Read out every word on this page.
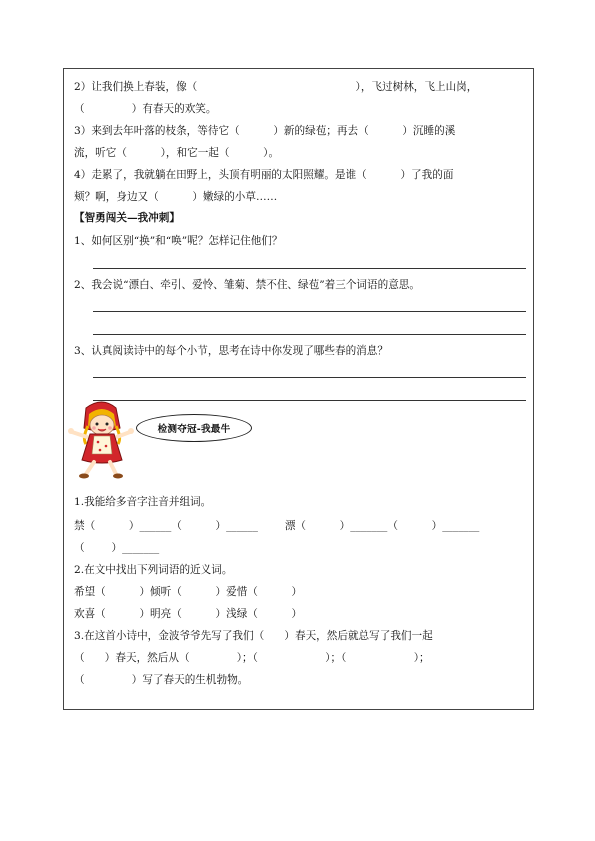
2）让我们换上春装，像（                                               ），飞过树林，飞上山岗，
（              ）有春天的欢笑。
3）来到去年叶落的枝条，等待它（          ）新的绿苞；再去（          ）沉睡的溪
流，听它（          ），和它一起（          ）。
4）走累了，我就躺在田野上，头顶有明丽的太阳照耀。是谁（          ）了我的面
颊？啊，身边又（          ）嫩绿的小草……
【智勇闯关—我冲刺】
1、如何区别“换”和“唤”呢？怎样记住他们？
2、我会说“漂白、牵引、爱怜、雏菊、禁不住、绿苞”着三个词语的意思。
3、认真阅读诗中的每个小节，思考在诗中你发现了哪些春的消息？
检测夺冠-我最牛
1.我能给多音字注音并组词。
禁（          ）______（          ）______        漂（          ）_______（          ）_______
（        ）_______
2.在文中找出下列词语的近义词。
希望（          ）倾听（          ）爱惜（          ）
欢喜（          ）明亮（          ）浅绿（          ）
3.在这首小诗中，金波爷爷先写了我们（      ）春天，然后就总写了我们一起
（      ）春天，然后从（              ）；（                    ）；（                    ）；
（              ）写了春天的生机勃物。
